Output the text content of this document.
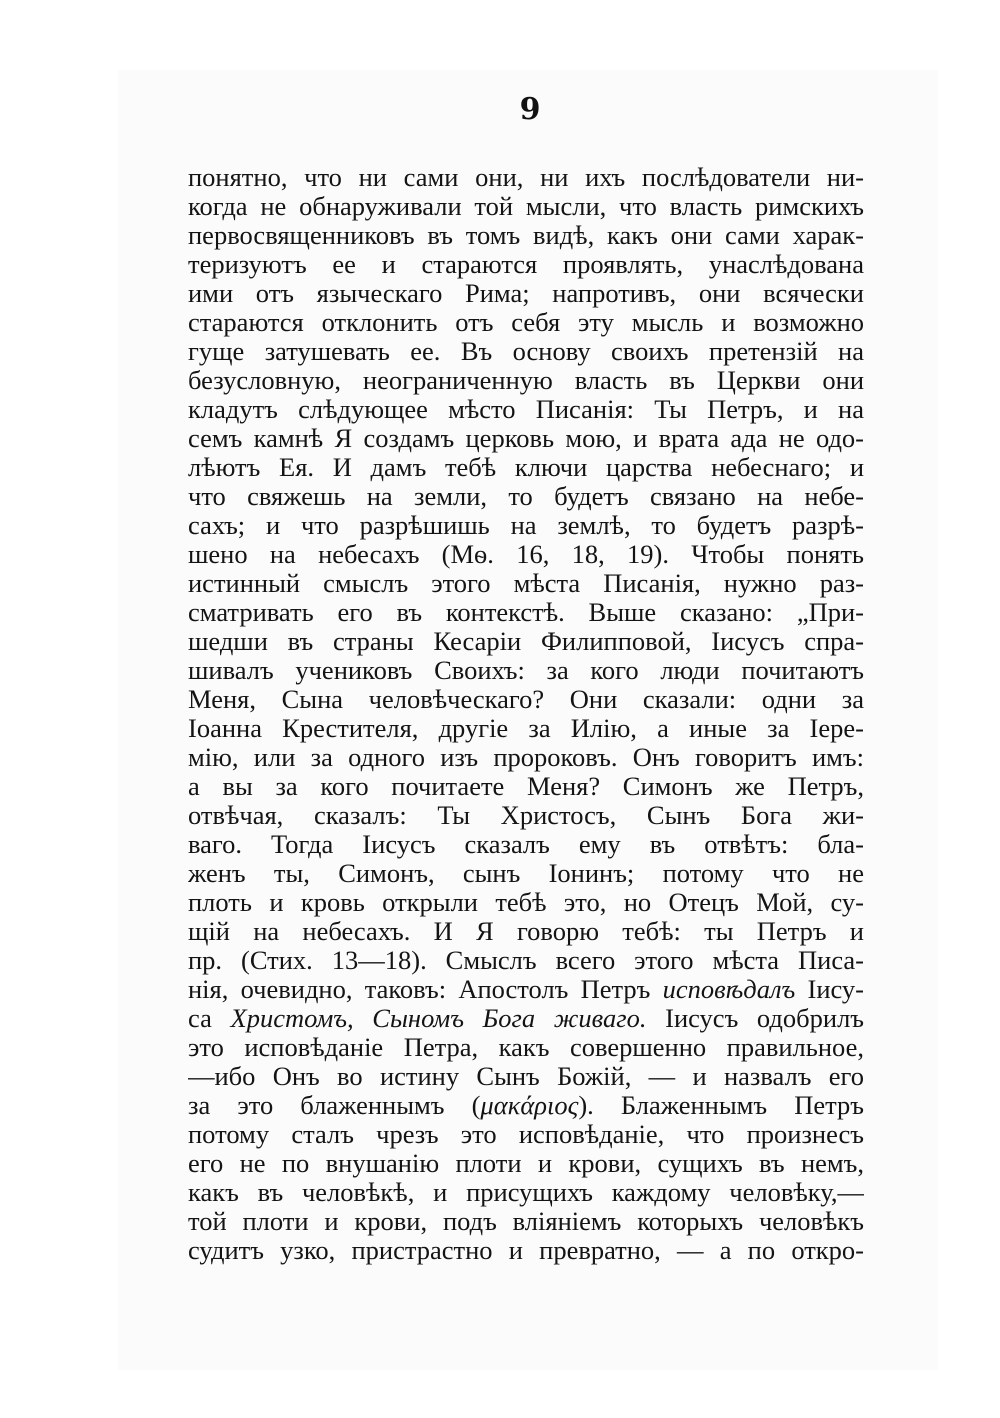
9
понятно, что ни сами они, ни ихъ послѣдователи ни-
когда не обнаруживали той мысли, что власть римскихъ
первосвященниковъ въ томъ видѣ, какъ они сами харак-
теризуютъ ее и стараются проявлять, унаслѣдована
ими отъ языческаго Рима; напротивъ, они всячески
стараются отклонить отъ себя эту мысль и возможно
гуще затушевать ее. Въ основу своихъ претензій на
безусловную, неограниченную власть въ Церкви они
кладутъ слѣдующее мѣсто Писанія: Ты Петръ, и на
семъ камнѣ Я создамъ церковь мою, и врата ада не одо-
лѣютъ Ея. И дамъ тебѣ ключи царства небеснаго; и
что свяжешь на земли, то будетъ связано на небе-
сахъ; и что разрѣшишь на землѣ, то будетъ разрѣ-
шено на небесахъ (Мѳ. 16, 18, 19). Чтобы понять
истинный смыслъ этого мѣста Писанія, нужно раз-
сматривать его въ контекстѣ. Выше сказано: „При-
шедши въ страны Кесаріи Филипповой, Іисусъ спра-
шивалъ учениковъ Своихъ: за кого люди почитаютъ
Меня, Сына человѣческаго? Они сказали: одни за
Іоанна Крестителя, другіе за Илію, а иные за Іере-
мію, или за одного изъ пророковъ. Онъ говоритъ имъ:
а вы за кого почитаете Меня? Симонъ же Петръ,
отвѣчая, сказалъ: Ты Христосъ, Сынъ Бога жи-
ваго. Тогда Іисусъ сказалъ ему въ отвѣтъ: бла-
женъ ты, Симонъ, сынъ Іонинъ; потому что не
плоть и кровь открыли тебѣ это, но Отецъ Мой, су-
щій на небесахъ. И Я говорю тебѣ: ты Петръ и
пр. (Стих. 13—18). Смыслъ всего этого мѣста Писа-
нія, очевидно, таковъ: Апостолъ Петръ исповѣдалъ Іису-
са Христомъ, Сыномъ Бога живаго. Іисусъ одобрилъ
это исповѣданіе Петра, какъ совершенно правильное,
—ибо Онъ во истину Сынъ Божій, — и назвалъ его
за это блаженнымъ (μακάριος). Блаженнымъ Петръ
потому сталъ чрезъ это исповѣданіе, что произнесъ
его не по внушанію плоти и крови, сущихъ въ немъ,
какъ въ человѣкѣ, и присущихъ каждому человѣку,—
той плоти и крови, подъ вліяніемъ которыхъ человѣкъ
судитъ узко, пристрастно и превратно, — а по откро-
